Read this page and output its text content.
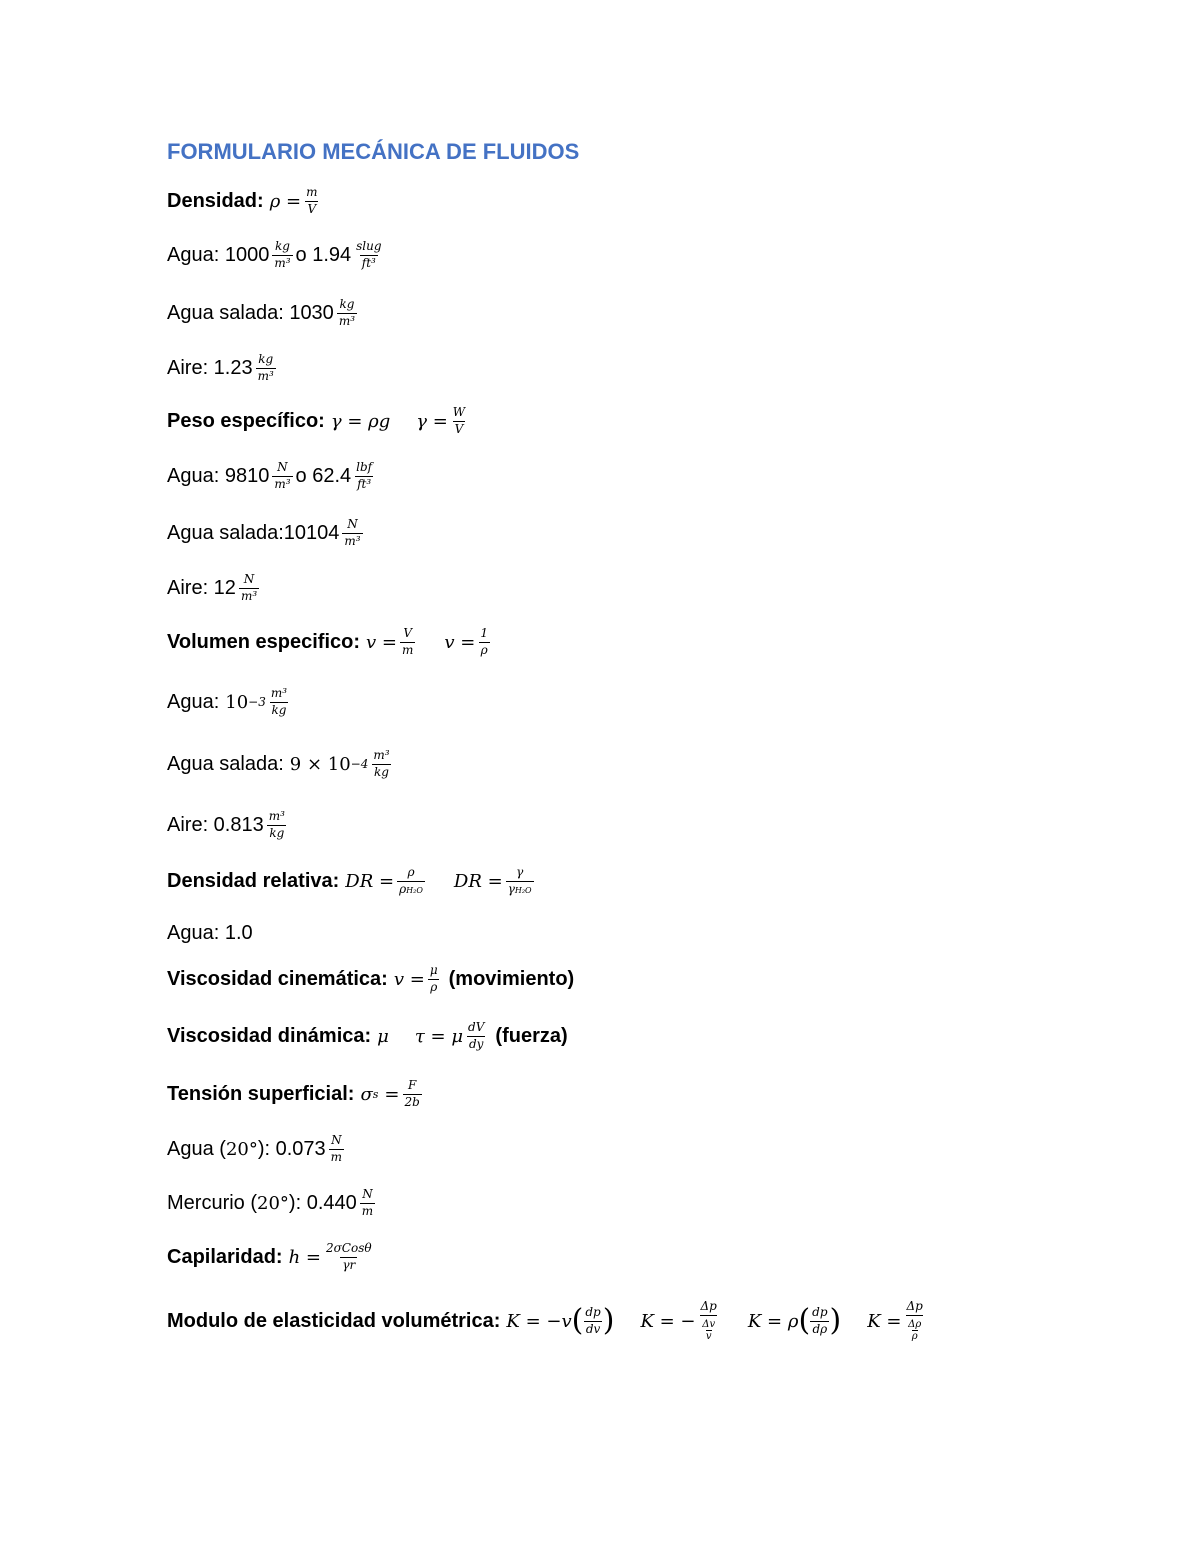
FORMULARIO MECÁNICA DE FLUIDOS
Densidad: $\rho = \frac{m}{V}$
Agua: $1000 \frac{kg}{\text{m³}}$ o $1.94 \frac{\text{slug}}{\text{ft³}}$
Agua salada: $1030 \frac{kg}{\text{m³}}$
Aire: $1.23 \frac{kg}{\text{m³}}$
Peso específico: γ = ρg $\gamma = \frac{W}{V}$
Agua: $9810 \frac{N}{\text{m³}}$ o $62.4 \frac{\text{lbf}}{\text{ft³}}$
Agua salada:10104 $\frac{N}{\text{m³}}$
Aire: $12 \frac{N}{\text{m³}}$
Volumen especifico: $v = \frac{V}{m}$ $v = \frac{1}{\rho}$
Agua: $10 -3 \frac{\text{m³}}{kg}$
Agua salada: $9 \times 10 -4 \frac{\text{m³}}{kg}$
Aire: $0.813 \frac{\text{m³}}{kg}$
Densidad relativa: DR = $\frac{\rho}{\text{ρH₂O}}$ DR = $\frac{\gamma}{\text{γH₂O}}$
Agua: 1.0
Viscosidad cinemática: $v = \frac{\mu}{\rho}$ (movimiento)
Viscosidad dinámica: μ τ = μ $\frac{dV}{dy}$ (fuerza)
Tensión superficial: σ $s = \frac{F}{2b}$
Agua ( 20° ): $0.073 \frac{N}{m}$
Mercurio ( 20° ): $0.440 \frac{N}{m}$
Capilaridad: $h = \frac{\text{2σCosθ}}{\gamma r}$
Modulo de elasticidad volumétrica: K = −v ( $\frac{dp}{dv}$ ) K = − $\frac{\Delta p}{\frac{\Delta v}{v}}$ K = ρ ( $\frac{dp}{d\rho}$ ) $K = \frac{\Delta p}{\frac{\Delta\rho}{\rho}}$
